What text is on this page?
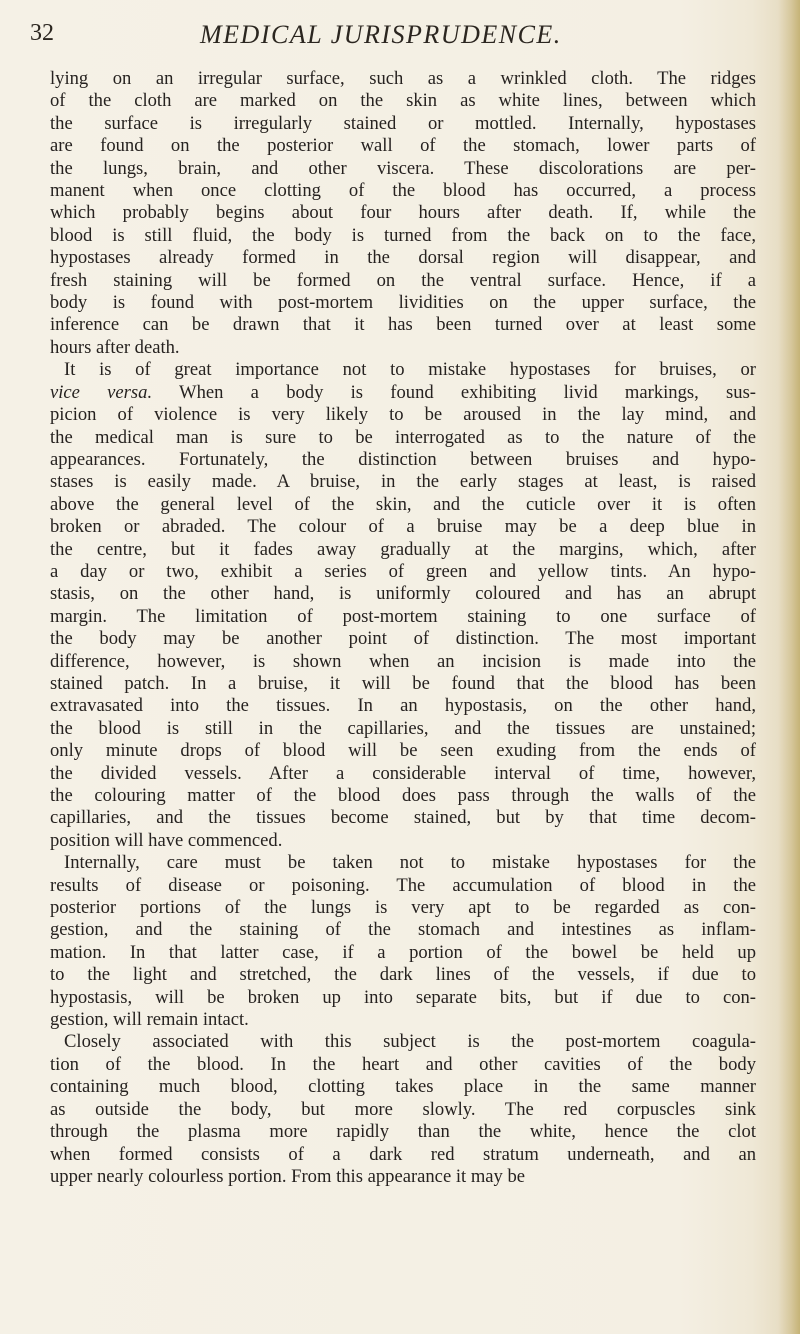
32	MEDICAL JURISPRUDENCE.
lying on an irregular surface, such as a wrinkled cloth. The ridges
of the cloth are marked on the skin as white lines, between which
the surface is irregularly stained or mottled. Internally, hypostases
are found on the posterior wall of the stomach, lower parts of
the lungs, brain, and other viscera. These discolorations are per-
manent when once clotting of the blood has occurred, a process
which probably begins about four hours after death. If, while the
blood is still fluid, the body is turned from the back on to the face,
hypostases already formed in the dorsal region will disappear, and
fresh staining will be formed on the ventral surface. Hence, if a
body is found with post-mortem lividities on the upper surface, the
inference can be drawn that it has been turned over at least some
hours after death.
It is of great importance not to mistake hypostases for bruises, or
vice versa. When a body is found exhibiting livid markings, sus-
picion of violence is very likely to be aroused in the lay mind, and
the medical man is sure to be interrogated as to the nature of the
appearances. Fortunately, the distinction between bruises and hypo-
stases is easily made. A bruise, in the early stages at least, is raised
above the general level of the skin, and the cuticle over it is often
broken or abraded. The colour of a bruise may be a deep blue in
the centre, but it fades away gradually at the margins, which, after
a day or two, exhibit a series of green and yellow tints. An hypo-
stasis, on the other hand, is uniformly coloured and has an abrupt
margin. The limitation of post-mortem staining to one surface of
the body may be another point of distinction. The most important
difference, however, is shown when an incision is made into the
stained patch. In a bruise, it will be found that the blood has been
extravasated into the tissues. In an hypostasis, on the other hand,
the blood is still in the capillaries, and the tissues are unstained;
only minute drops of blood will be seen exuding from the ends of
the divided vessels. After a considerable interval of time, however,
the colouring matter of the blood does pass through the walls of the
capillaries, and the tissues become stained, but by that time decom-
position will have commenced.
Internally, care must be taken not to mistake hypostases for the
results of disease or poisoning. The accumulation of blood in the
posterior portions of the lungs is very apt to be regarded as con-
gestion, and the staining of the stomach and intestines as inflam-
mation. In that latter case, if a portion of the bowel be held up
to the light and stretched, the dark lines of the vessels, if due to
hypostasis, will be broken up into separate bits, but if due to con-
gestion, will remain intact.
Closely associated with this subject is the post-mortem coagula-
tion of the blood. In the heart and other cavities of the body
containing much blood, clotting takes place in the same manner
as outside the body, but more slowly. The red corpuscles sink
through the plasma more rapidly than the white, hence the clot
when formed consists of a dark red stratum underneath, and an
upper nearly colourless portion. From this appearance it may be
